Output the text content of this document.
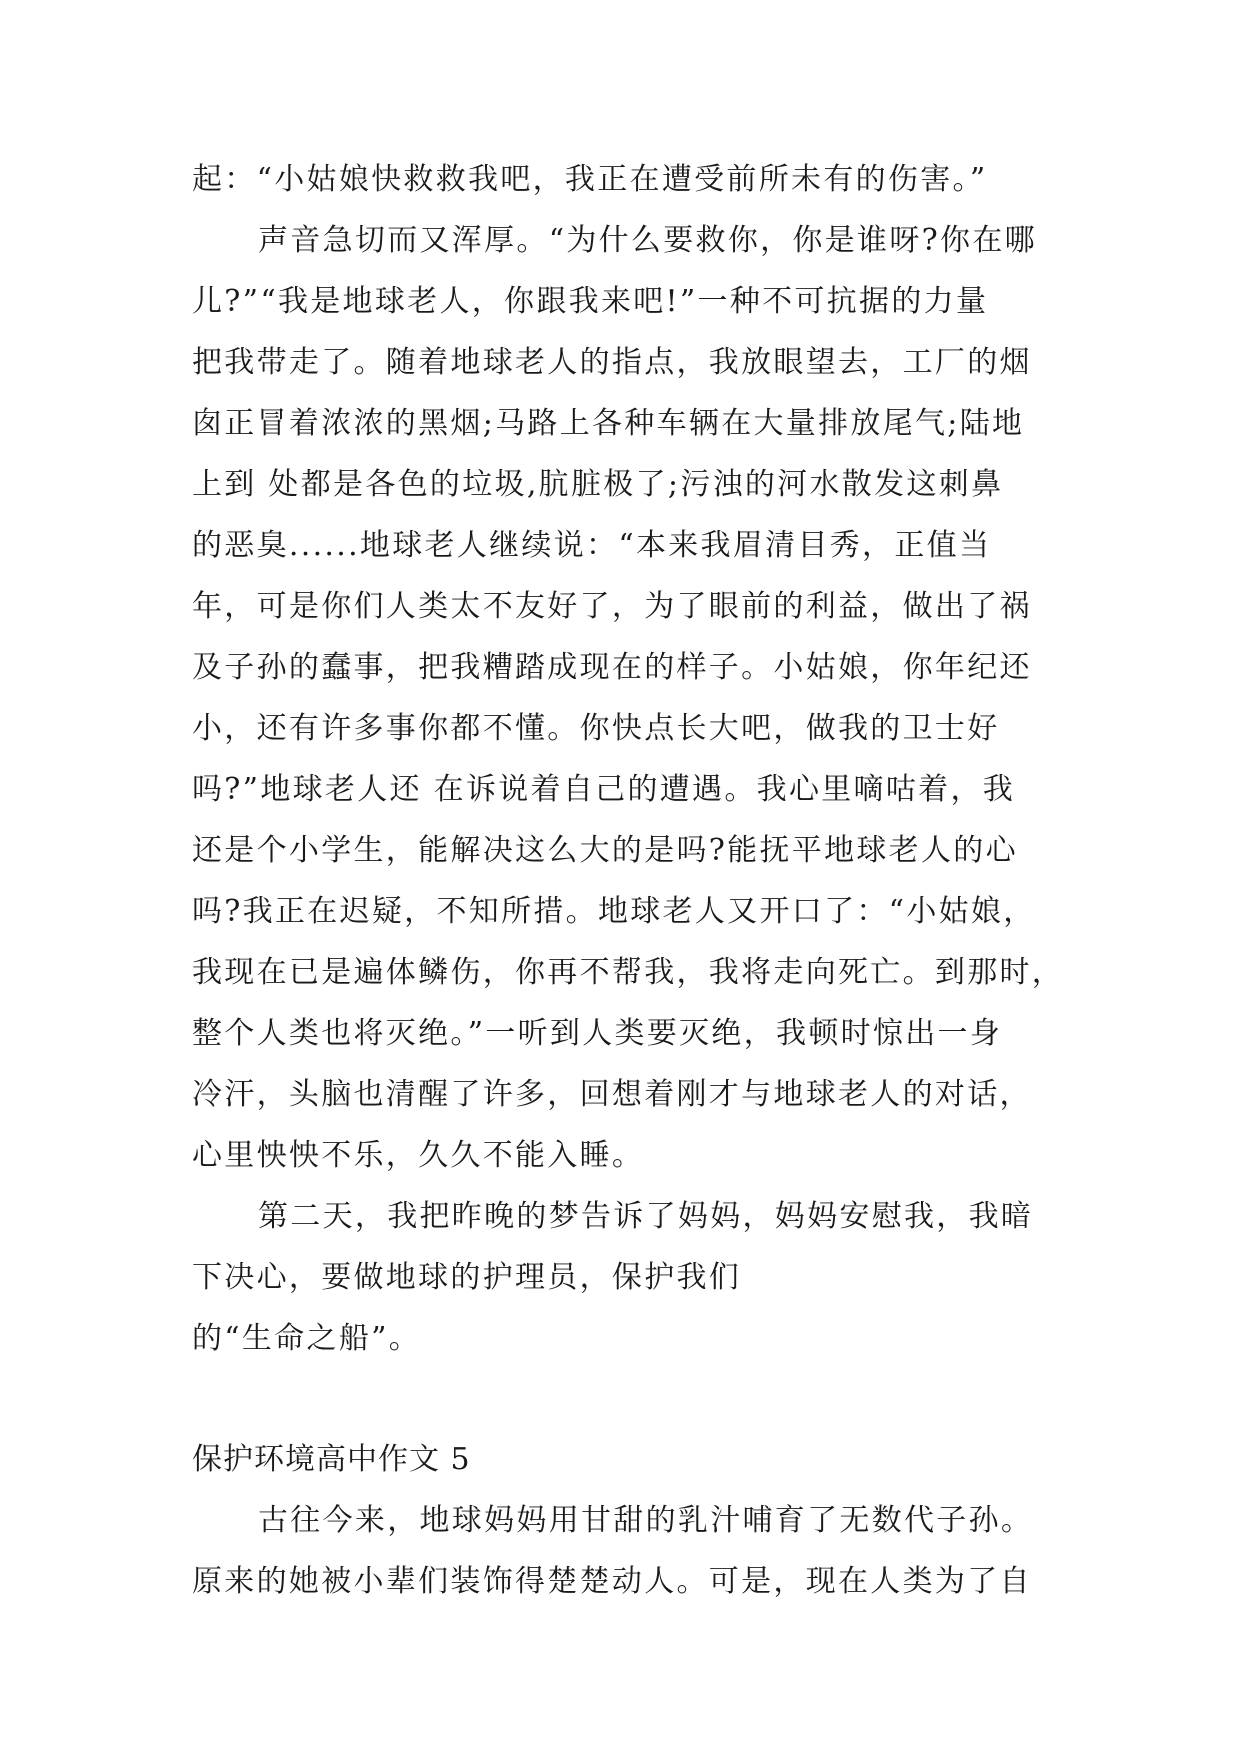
起：“小姑娘快救救我吧，我正在遭受前所未有的伤害。”
声音急切而又浑厚。“为什么要救你，你是谁呀?你在哪
儿?”“我是地球老人，你跟我来吧!”一种不可抗据的力量
把我带走了。随着地球老人的指点，我放眼望去，工厂的烟
囱正冒着浓浓的黑烟;马路上各种车辆在大量排放尾气;陆地
上到 处都是各色的垃圾,肮脏极了;污浊的河水散发这刺鼻
的恶臭......地球老人继续说：“本来我眉清目秀，正值当
年，可是你们人类太不友好了，为了眼前的利益，做出了祸
及子孙的蠢事，把我糟踏成现在的样子。小姑娘，你年纪还
小，还有许多事你都不懂。你快点长大吧，做我的卫士好
吗?”地球老人还 在诉说着自己的遭遇。我心里嘀咕着，我
还是个小学生，能解决这么大的是吗?能抚平地球老人的心
吗?我正在迟疑，不知所措。地球老人又开口了：“小姑娘，
我现在已是遍体鳞伤，你再不帮我，我将走向死亡。到那时，
整个人类也将灭绝。”一听到人类要灭绝，我顿时惊出一身
冷汗，头脑也清醒了许多，回想着刚才与地球老人的对话，
心里怏怏不乐，久久不能入睡。
第二天，我把昨晚的梦告诉了妈妈，妈妈安慰我，我暗
下决心，要做地球的护理员，保护我们
的“生命之船”。
保护环境高中作文 5
古往今来，地球妈妈用甘甜的乳汁哺育了无数代子孙。
原来的她被小辈们装饰得楚楚动人。可是，现在人类为了自
